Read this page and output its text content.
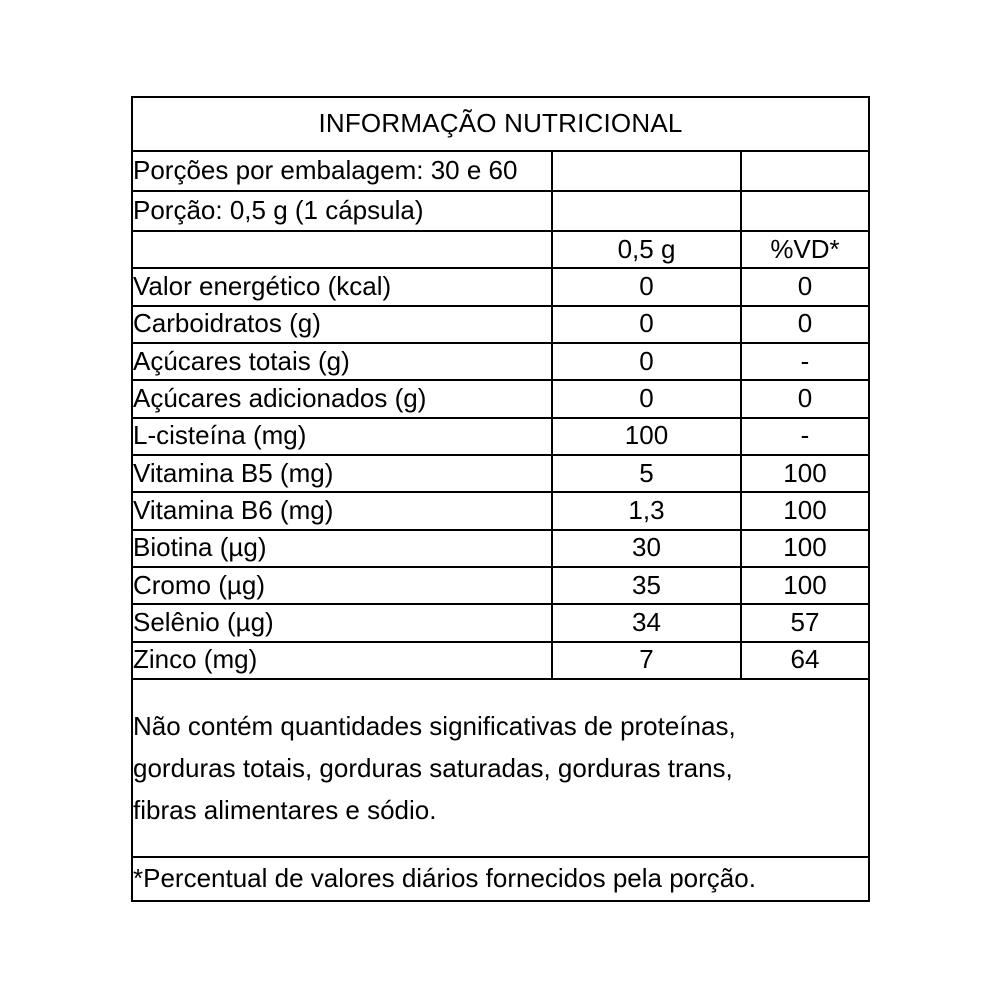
INFORMAÇÃO NUTRICIONAL		
Porções por embalagem: 30 e 60		
Porção: 0,5 g (1 cápsula)		
	0,5 g	%VD*
Valor energético (kcal)	0	0
Carboidratos (g)	0	0
Açúcares totais (g)	0	-
Açúcares adicionados (g)	0	0
L-cisteína (mg)	100	-
Vitamina B5 (mg)	5	100
Vitamina B6 (mg)	1,3	100
Biotina (µg)	30	100
Cromo (µg)	35	100
Selênio (µg)	34	57
Zinco (mg)	7	64

Não contém quantidades significativas de proteínas,
gorduras totais, gorduras saturadas, gorduras trans,
fibras alimentares e sódio.		

*Percentual de valores diários fornecidos pela porção.		
